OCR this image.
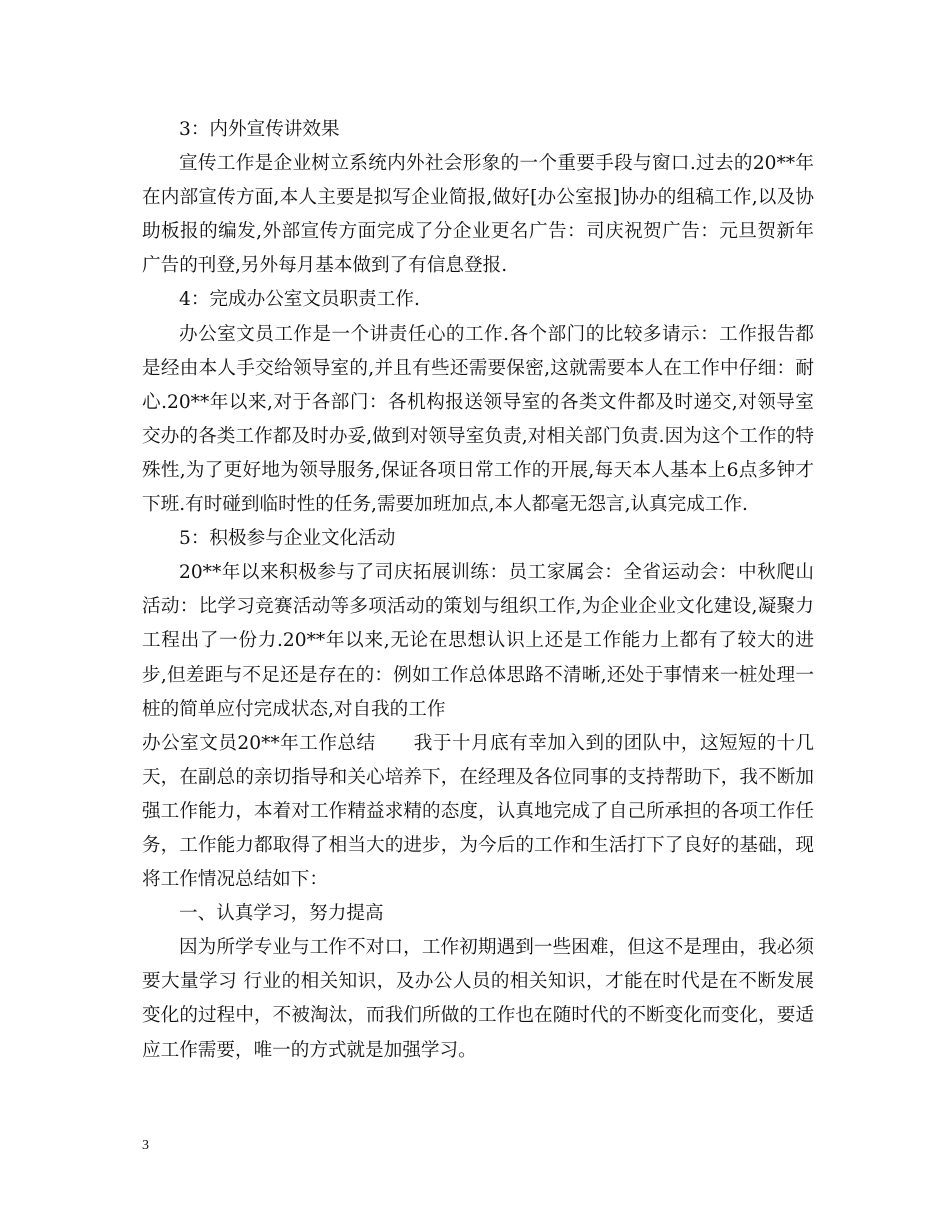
3：内外宣传讲效果

宣传工作是企业树立系统内外社会形象的一个重要手段与窗口.过去的20**年在内部宣传方面,本人主要是拟写企业简报,做好[办公室报]协办的组稿工作,以及协助板报的编发,外部宣传方面完成了分企业更名广告：司庆祝贺广告：元旦贺新年广告的刊登,另外每月基本做到了有信息登报.

4：完成办公室文员职责工作.

办公室文员工作是一个讲责任心的工作.各个部门的比较多请示：工作报告都是经由本人手交给领导室的,并且有些还需要保密,这就需要本人在工作中仔细：耐心.20**年以来,对于各部门：各机构报送领导室的各类文件都及时递交,对领导室交办的各类工作都及时办妥,做到对领导室负责,对相关部门负责.因为这个工作的特殊性,为了更好地为领导服务,保证各项日常工作的开展,每天本人基本上6点多钟才下班.有时碰到临时性的任务,需要加班加点,本人都毫无怨言,认真完成工作.

5：积极参与企业文化活动

20**年以来积极参与了司庆拓展训练：员工家属会：全省运动会：中秋爬山活动：比学习竞赛活动等多项活动的策划与组织工作,为企业企业文化建设,凝聚力工程出了一份力.20**年以来,无论在思想认识上还是工作能力上都有了较大的进步,但差距与不足还是存在的：例如工作总体思路不清晰,还处于事情来一桩处理一桩的简单应付完成状态,对自我的工作

办公室文员20**年工作总结　　我于十月底有幸加入到的团队中，这短短的十几天，在副总的亲切指导和关心培养下，在经理及各位同事的支持帮助下，我不断加强工作能力，本着对工作精益求精的态度，认真地完成了自己所承担的各项工作任务，工作能力都取得了相当大的进步，为今后的工作和生活打下了良好的基础，现将工作情况总结如下：

一、认真学习，努力提高

因为所学专业与工作不对口，工作初期遇到一些困难，但这不是理由，我必须要大量学习 行业的相关知识，及办公人员的相关知识，才能在时代是在不断发展变化的过程中，不被淘汰，而我们所做的工作也在随时代的不断变化而变化，要适应工作需要，唯一的方式就是加强学习。

3
